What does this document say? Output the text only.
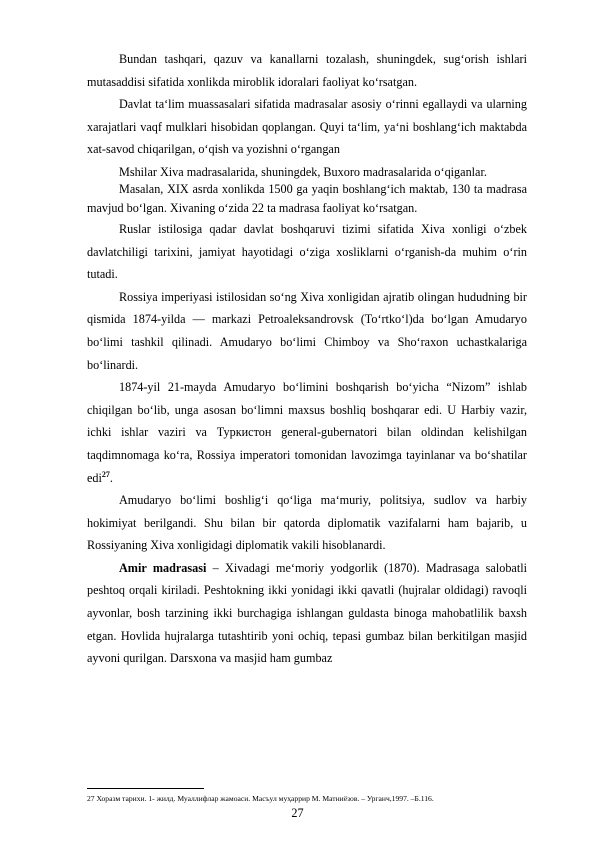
Bundan tashqari, qazuv va kanallarni tozalash, shuningdek, sugʻorish ishlari mutasaddisi sifatida xonlikda miroblik idoralari faoliyat koʻrsatgan.

Davlat taʻlim muassasalari sifatida madrasalar asosiy oʻrinni egallaydi va ularning xarajatlari vaqf mulklari hisobidan qoplangan. Quyi taʻlim, yaʻni boshlangʻich maktabda xat-savod chiqarilgan, oʻqish va yozishni oʻrgangan

Mshilar Xiva madrasalarida, shuningdek, Buxoro madrasalarida oʻqiganlar.

Masalan, XIX asrda xonlikda 1500 ga yaqin boshlangʻich maktab, 130 ta madrasa mavjud boʻlgan. Xivaning oʻzida 22 ta madrasa faoliyat koʻrsatgan.

Ruslar istilosiga qadar davlat boshqaruvi tizimi sifatida Xiva xonligi oʻzbek davlatchiligi tarixini, jamiyat hayotidagi oʻziga xosliklarni oʻrganish-da muhim oʻrin tutadi.

Rossiya imperiyasi istilosidan soʻng Xiva xonligidan ajratib olingan hududning bir qismida 1874-yilda — markazi Petroaleksandrovsk (Toʻrtkoʻl)da boʻlgan Amudaryo boʻlimi tashkil qilinadi. Amudaryo boʻlimi Chimboy va Shoʻraxon uchastkalariga boʻlinardi.

1874-yil 21-mayda Amudaryo boʻlimini boshqarish boʻyicha “Nizom” ishlab chiqilgan boʻlib, unga asosan boʻlimni maxsus boshliq boshqarar edi. U Harbiy vazir, ichki ishlar vaziri va Туркистон general-gubernatori bilan oldindan kelishilgan taqdimnomaga koʻra, Rossiya imperatori tomonidan lavozimga tayinlanar va boʻshatilar edi$^{27}$.

Amudaryo boʻlimi boshligʻi qoʻliga maʻmuriy, politsiya, sudlov va harbiy hokimiyat berilgandi. Shu bilan bir qatorda diplomatik vazifalarni ham bajarib, u Rossiyaning Xiva xonligidagi diplomatik vakili hisoblanardi.

Amir madrasasi – Xivadagi meʻmoriy yodgorlik (1870). Madrasaga salobatli peshtoq orqali kiriladi. Peshtokning ikki yonidagi ikki qavatli (hujralar oldidagi) ravoqli ayvonlar, bosh tarzining ikki burchagiga ishlangan guldasta binoga mahobatlilik baxsh etgan. Hovlida hujralarga tutashtirib yoni ochiq, tepasi gumbaz bilan berkitilgan masjid ayvoni qurilgan. Darsxona va masjid ham gumbaz

27 Хоразм тарихи. 1- жилд. Муаллифлар жамоаси. Масъул муҳаррир М. Матниёзов. – Урганч,1997. –Б.116.
27
